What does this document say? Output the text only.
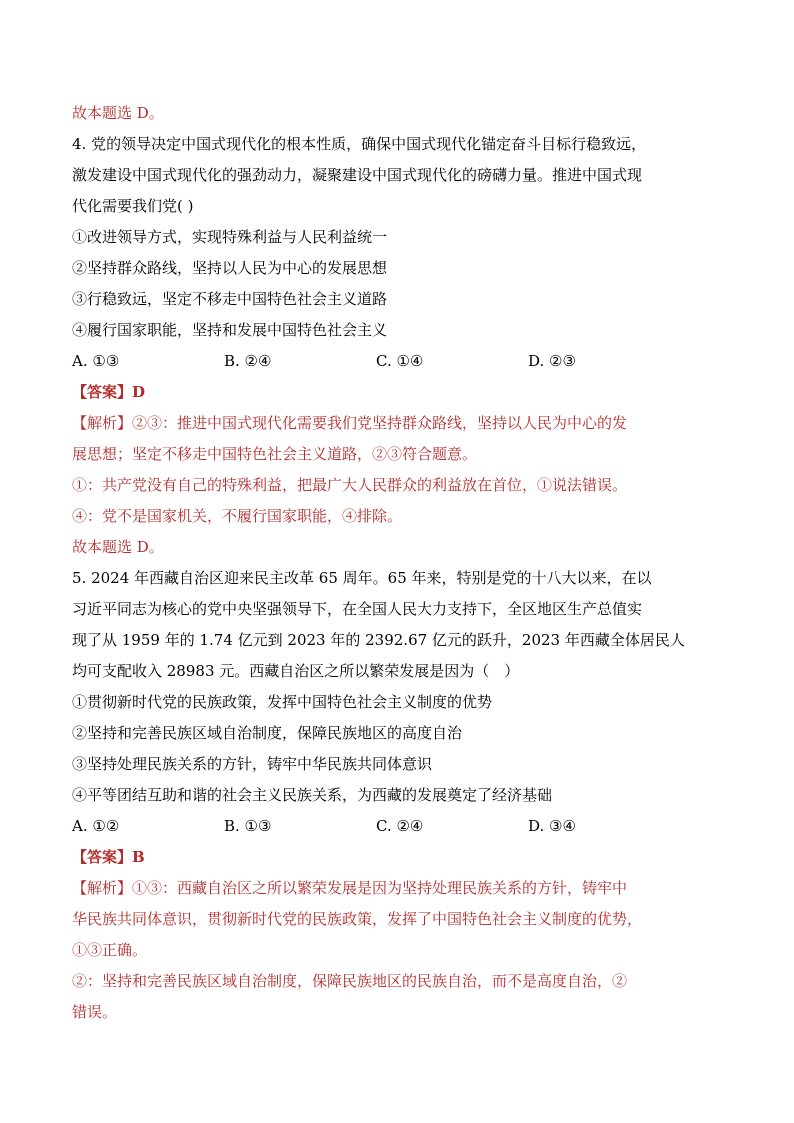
故本题选 D。
4. 党的领导决定中国式现代化的根本性质，确保中国式现代化锚定奋斗目标行稳致远，
激发建设中国式现代化的强劲动力，凝聚建设中国式现代化的磅礴力量。推进中国式现
代化需要我们党( )
①改进领导方式，实现特殊利益与人民利益统一
②坚持群众路线，坚持以人民为中心的发展思想
③行稳致远，坚定不移走中国特色社会主义道路
④履行国家职能，坚持和发展中国特色社会主义
A. ①③	B. ②④	C. ①④	D. ②③
【答案】D
【解析】②③：推进中国式现代化需要我们党坚持群众路线，坚持以人民为中心的发
展思想；坚定不移走中国特色社会主义道路，②③符合题意。
①：共产党没有自己的特殊利益，把最广大人民群众的利益放在首位，①说法错误。
④：党不是国家机关，不履行国家职能，④排除。
故本题选 D。
5. 2024 年西藏自治区迎来民主改革 65 周年。65 年来，特别是党的十八大以来，在以
习近平同志为核心的党中央坚强领导下，在全国人民大力支持下，全区地区生产总值实
现了从 1959 年的 1.74 亿元到 2023 年的 2392.67 亿元的跃升，2023 年西藏全体居民人
均可支配收入 28983 元。西藏自治区之所以繁荣发展是因为（　）
①贯彻新时代党的民族政策，发挥中国特色社会主义制度的优势
②坚持和完善民族区域自治制度，保障民族地区的高度自治
③坚持处理民族关系的方针，铸牢中华民族共同体意识
④平等团结互助和谐的社会主义民族关系，为西藏的发展奠定了经济基础
A. ①②	B. ①③	C. ②④	D. ③④
【答案】B
【解析】①③：西藏自治区之所以繁荣发展是因为坚持处理民族关系的方针，铸牢中
华民族共同体意识，贯彻新时代党的民族政策，发挥了中国特色社会主义制度的优势，
①③正确。
②：坚持和完善民族区域自治制度，保障民族地区的民族自治，而不是高度自治，②
错误。
